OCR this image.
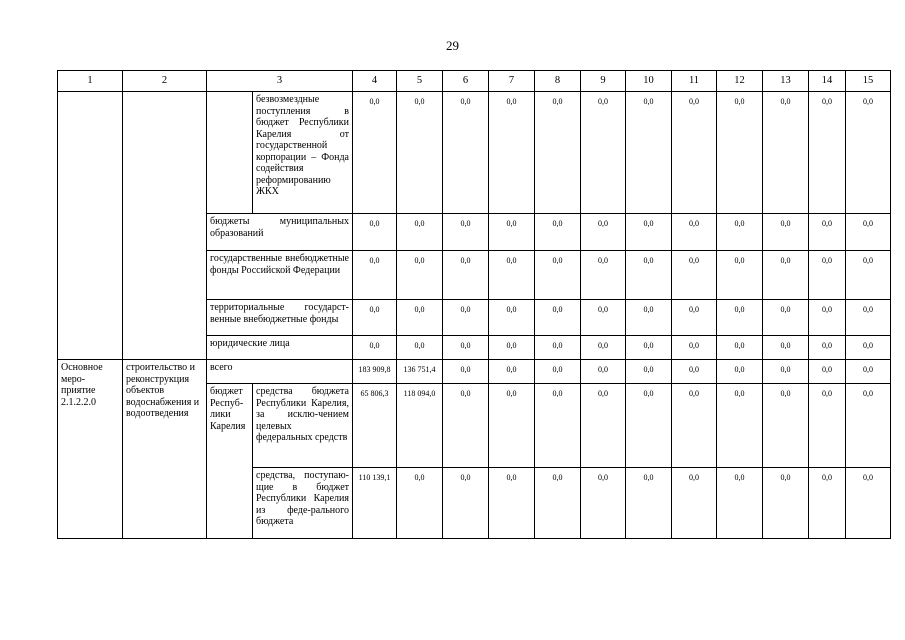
29
1	2	3		4	5	6	7	8	9	10	11	12	13	14	15
			безвозмездные поступления в бюджет Республики Карелия от государственной корпорации – Фонда содействия реформированию ЖКХ	0,0	0,0	0,0	0,0	0,0	0,0	0,0	0,0	0,0	0,0	0,0	0,0
		бюджеты муниципальных образований		0,0	0,0	0,0	0,0	0,0	0,0	0,0	0,0	0,0	0,0	0,0	0,0
		государственные внебюджетные фонды Российской Федерации		0,0	0,0	0,0	0,0	0,0	0,0	0,0	0,0	0,0	0,0	0,0	0,0
		территориальные государст-венные внебюджетные фонды		0,0	0,0	0,0	0,0	0,0	0,0	0,0	0,0	0,0	0,0	0,0	0,0
		юридические лица		0,0	0,0	0,0	0,0	0,0	0,0	0,0	0,0	0,0	0,0	0,0	0,0
Основное меро-приятие 2.1.2.2.0	строительство и реконструкция объектов водоснабжения и водоотведения	всего		183 909,8	136 751,4	0,0	0,0	0,0	0,0	0,0	0,0	0,0	0,0	0,0	0,0
		бюджет Респуб-лики Карелия	средства бюджета Республики Карелия, за исклю-чением целевых федеральных средств	65 806,3	118 094,0	0,0	0,0	0,0	0,0	0,0	0,0	0,0	0,0	0,0	0,0
			средства, поступаю-щие в бюджет Республики Карелия из феде-рального бюджета	110 139,1	0,0	0,0	0,0	0,0	0,0	0,0	0,0	0,0	0,0	0,0	0,0
